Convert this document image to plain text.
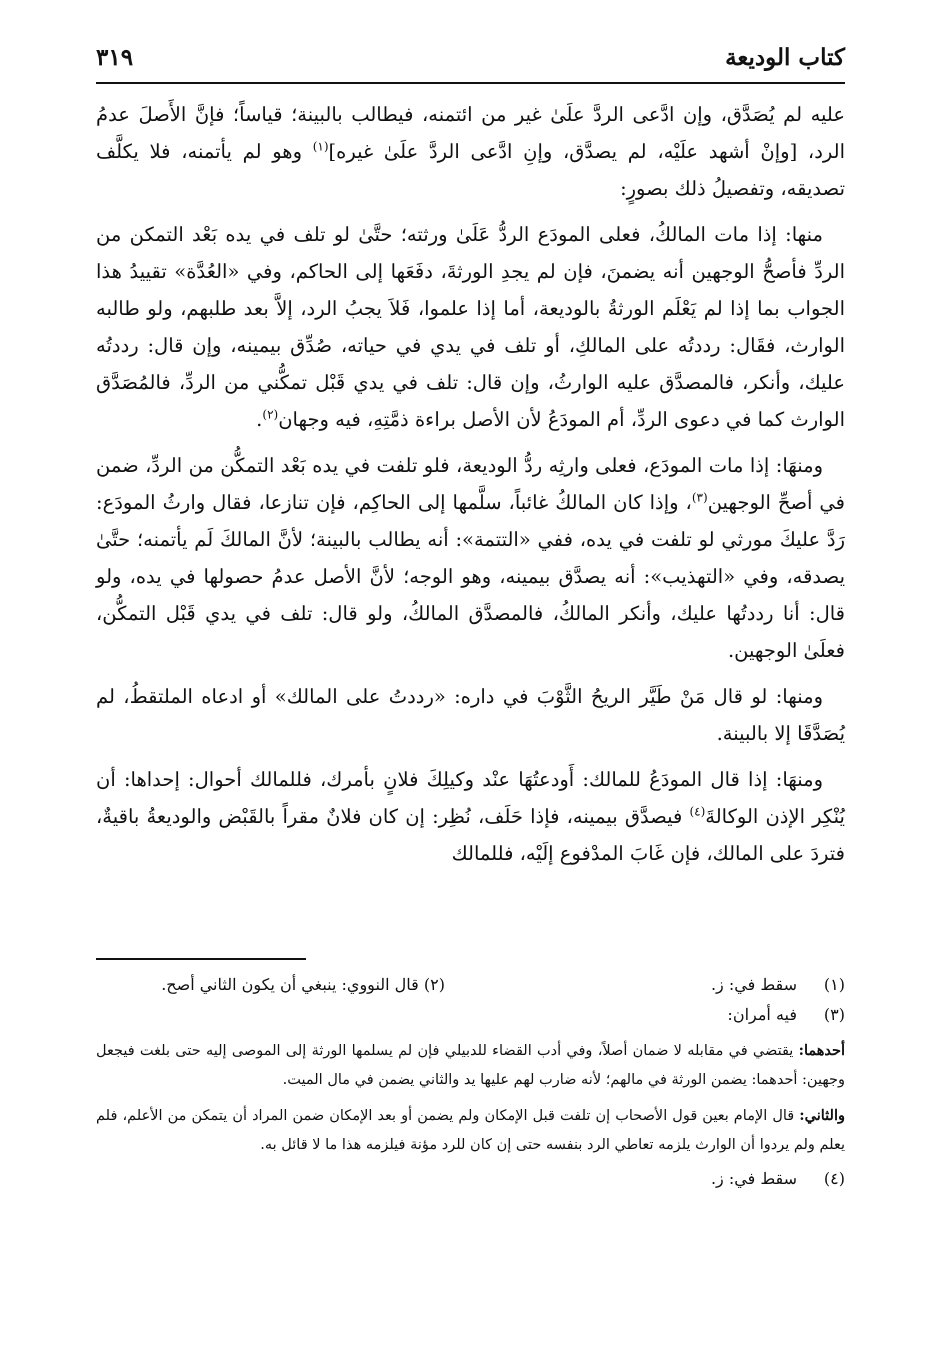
كتاب الوديعة
٣١٩

عليه لم يُصَدَّق، وإن ادَّعى الردَّ علَىٰ غير من ائتمنه، فيطالب بالبينة؛ قياساً؛ فإنَّ الأَصلَ عدمُ الرد، [وإنْ أشهد علَيْه، لم يصدَّق، وإنِ ادَّعى الردَّ علَىٰ غيره]$^{(١)}$ وهو لم يأتمنه، فلا يكلَّف تصديقه، وتفصيلُ ذلك بصورٍ:

منها: إذا مات المالكُ، فعلى المودَع الردُّ عَلَىٰ ورثته؛ حتَّىٰ لو تلف في يده بَعْد التمكن من الردِّ فأصحُّ الوجهين أنه يضمنَ، فإن لم يجدِ الورثةَ، دفَعَها إلى الحاكم، وفي «العُدَّة» تقييدُ هذا الجواب بما إذا لم يَعْلَم الورثةُ بالوديعة، أما إذا علموا، فَلاَ يجبُ الرد، إلاَّ بعد طلبهم، ولو طالبه الوارث، فقَال: رددتُه على المالكِ، أو تلف في يدي في حياته، صُدِّق بيمينه، وإن قال: رددتُه عليك، وأنكر، فالمصدَّق عليه الوارثُ، وإن قال: تلف في يدي قَبْل تمكُّني من الردِّ، فالمُصَدَّق الوارث كما في دعوى الردِّ، أم المودَعُ لأن الأصل براءة ذمَّتِهِ، فيه وجهان$^{(٢)}$.

ومنهَا: إذا مات المودَع، فعلى وارثِه ردُّ الوديعة، فلو تلفت في يده بَعْد التمكُّن من الردِّ، ضمن في أصحِّ الوجهين$^{(٣)}$، وإذا كان المالكُ غائباً، سلَّمها إلى الحاكِم، فإن تنازعا، فقال وارثُ المودَع: رَدَّ عليكَ مورثي لو تلفت في يده، ففي «التتمة»: أنه يطالب بالبينة؛ لأنَّ المالكَ لَم يأتمنه؛ حتَّىٰ يصدقه، وفي «التهذيب»: أنه يصدَّق بيمينه، وهو الوجه؛ لأنَّ الأصل عدمُ حصولها في يده، ولو قال: أنا رددتُها عليك، وأنكر المالكُ، فالمصدَّق المالكُ، ولو قال: تلف في يدي قَبْل التمكُّن، فعلَىٰ الوجهين.

ومنها: لو قال مَنْ طَيَّر الريحُ الثَّوْبَ في داره: «رددتُ على المالك» أو ادعاه الملتقطُ، لم يُصَدَّقَا إلا بالبينة.

ومنهَا: إذا قال المودَعُ للمالك: أَودعتُهَا عنْد وكيلِكَ فلانٍ بأمرك، فللمالك أحوال: إحداها: أن يُنْكِر الإذن الوكالةَ$^{(٤)}$ فيصدَّق بيمينه، فإذا حَلَف، نُظِر: إن كان فلانٌ مقراً بالقَبْض والوديعةُ باقيةٌ، فتردَ على المالك، فإن غَابَ المدْفوع إلَيْه، فللمالك

(١)
سقط في: ز.
(٢) قال النووي: ينبغي أن يكون الثاني أصح.
(٣)
فيه أمران:
أحدهما: يقتضي في مقابله لا ضمان أصلاً، وفي أدب القضاء للدبيلي فإن لم يسلمها الورثة إلى الموصى إليه حتى بلغت فيجعل وجهين: أحدهما: يضمن الورثة في مالهم؛ لأنه ضارب لهم عليها يد والثاني يضمن في مال الميت.
والثاني: قال الإمام بعين قول الأصحاب إن تلفت قبل الإمكان ولم يضمن أو بعد الإمكان ضمن المراد أن يتمكن من الأعلم، فلم يعلم ولم يردوا أن الوارث يلزمه تعاطي الرد بنفسه حتى إن كان للرد مؤنة فيلزمه هذا ما لا قائل به.
(٤)
سقط في: ز.
